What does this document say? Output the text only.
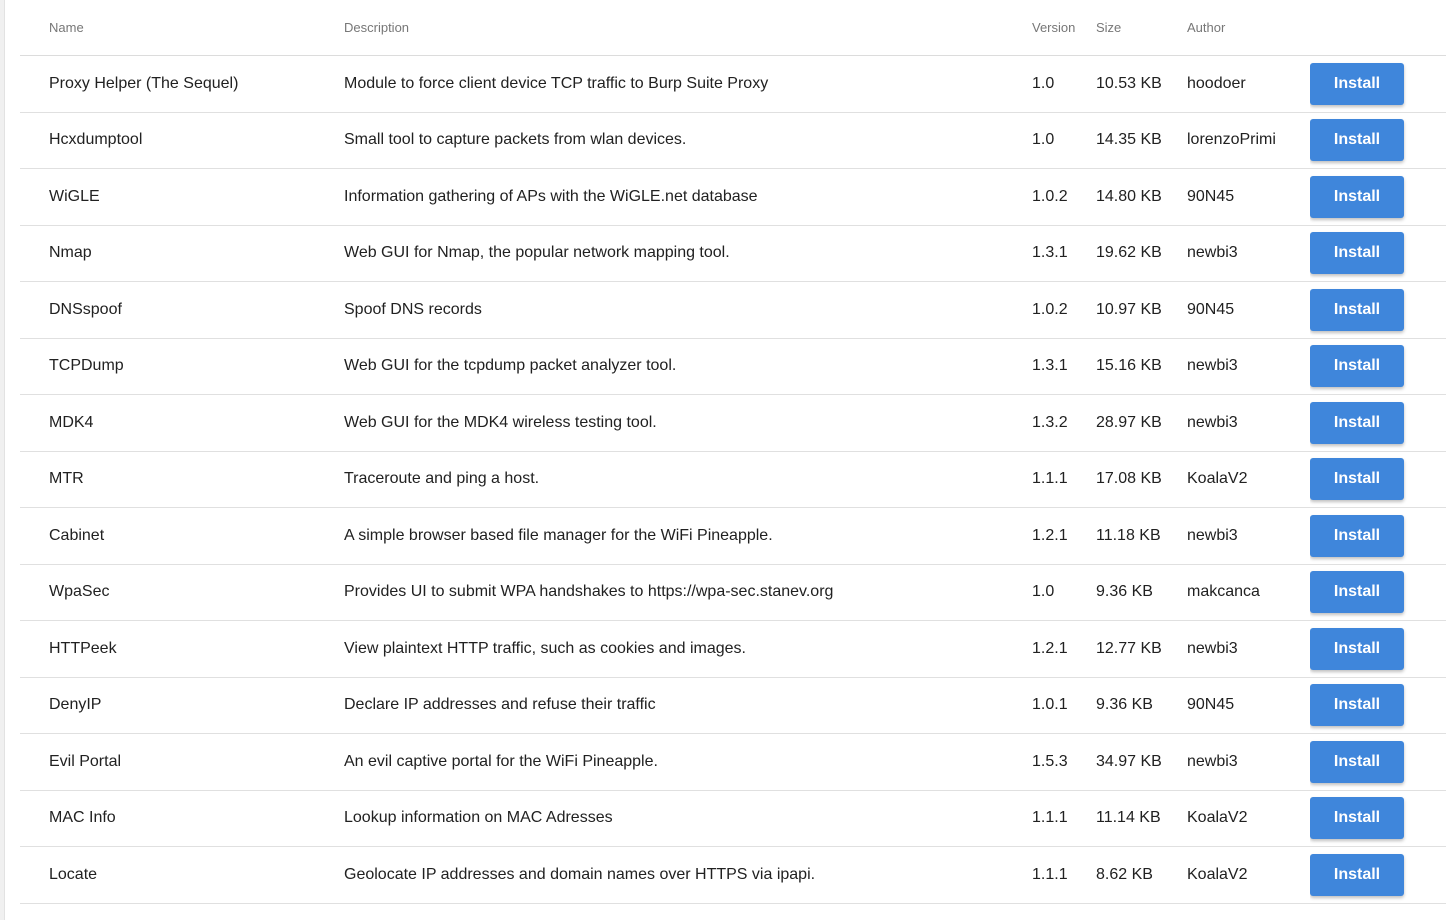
Name	Description	Version	Size	Author	
Proxy Helper (The Sequel)	Module to force client device TCP traffic to Burp Suite Proxy	1.0	10.53 KB	hoodoer	Install
Hcxdumptool	Small tool to capture packets from wlan devices.	1.0	14.35 KB	lorenzoPrimi	Install
WiGLE	Information gathering of APs with the WiGLE.net database	1.0.2	14.80 KB	90N45	Install
Nmap	Web GUI for Nmap, the popular network mapping tool.	1.3.1	19.62 KB	newbi3	Install
DNSspoof	Spoof DNS records	1.0.2	10.97 KB	90N45	Install
TCPDump	Web GUI for the tcpdump packet analyzer tool.	1.3.1	15.16 KB	newbi3	Install
MDK4	Web GUI for the MDK4 wireless testing tool.	1.3.2	28.97 KB	newbi3	Install
MTR	Traceroute and ping a host.	1.1.1	17.08 KB	KoalaV2	Install
Cabinet	A simple browser based file manager for the WiFi Pineapple.	1.2.1	11.18 KB	newbi3	Install
WpaSec	Provides UI to submit WPA handshakes to https://wpa-sec.stanev.org	1.0	9.36 KB	makcanca	Install
HTTPeek	View plaintext HTTP traffic, such as cookies and images.	1.2.1	12.77 KB	newbi3	Install
DenyIP	Declare IP addresses and refuse their traffic	1.0.1	9.36 KB	90N45	Install
Evil Portal	An evil captive portal for the WiFi Pineapple.	1.5.3	34.97 KB	newbi3	Install
MAC Info	Lookup information on MAC Adresses	1.1.1	11.14 KB	KoalaV2	Install
Locate	Geolocate IP addresses and domain names over HTTPS via ipapi.	1.1.1	8.62 KB	KoalaV2	Install
